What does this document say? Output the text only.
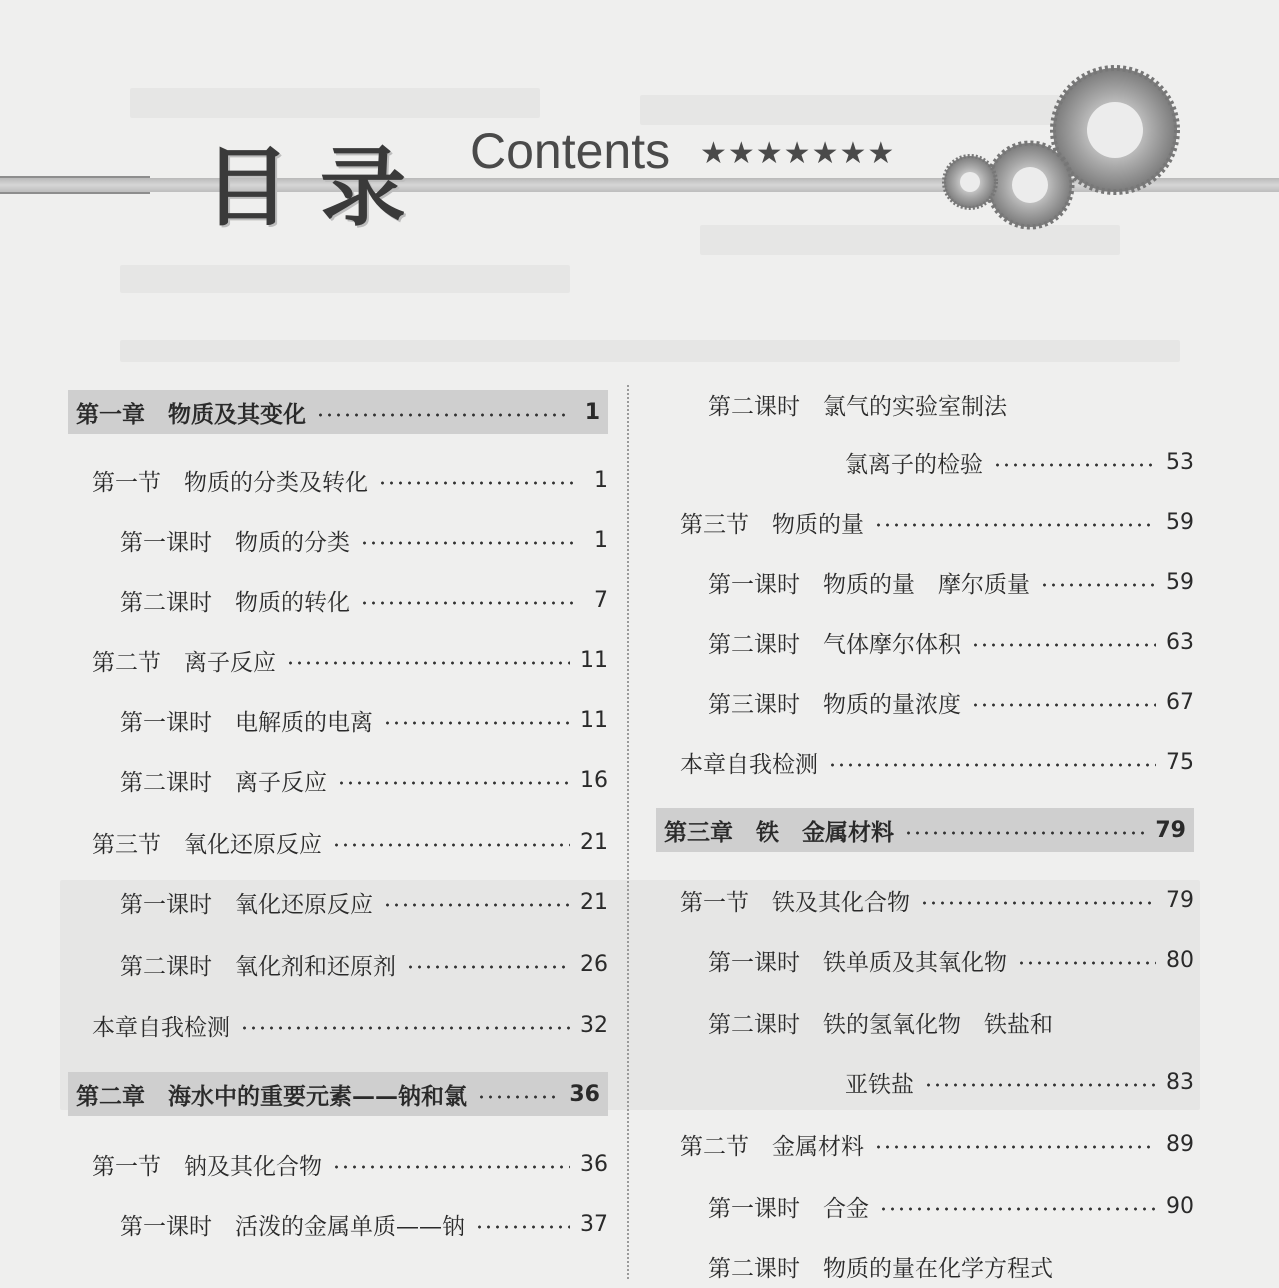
目录 Contents ★★★★★★★
第一章　物质及其变化	1
第一节　物质的分类及转化	1
第一课时　物质的分类	1
第二课时　物质的转化	7
第二节　离子反应	11
第一课时　电解质的电离	11
第二课时　离子反应	16
第三节　氧化还原反应	21
第一课时　氧化还原反应	21
第二课时　氧化剂和还原剂	26
本章自我检测	32
第二章　海水中的重要元素——钠和氯	36
第一节　钠及其化合物	36
第一课时　活泼的金属单质——钠	37
第二课时　氯气的实验室制法
氯离子的检验	53
第三节　物质的量	59
第一课时　物质的量　摩尔质量	59
第二课时　气体摩尔体积	63
第三课时　物质的量浓度	67
本章自我检测	75
第三章　铁　金属材料	79
第一节　铁及其化合物	79
第一课时　铁单质及其氧化物	80
第二课时　铁的氢氧化物　铁盐和
亚铁盐	83
第二节　金属材料	89
第一课时　合金	90
第二课时　物质的量在化学方程式
